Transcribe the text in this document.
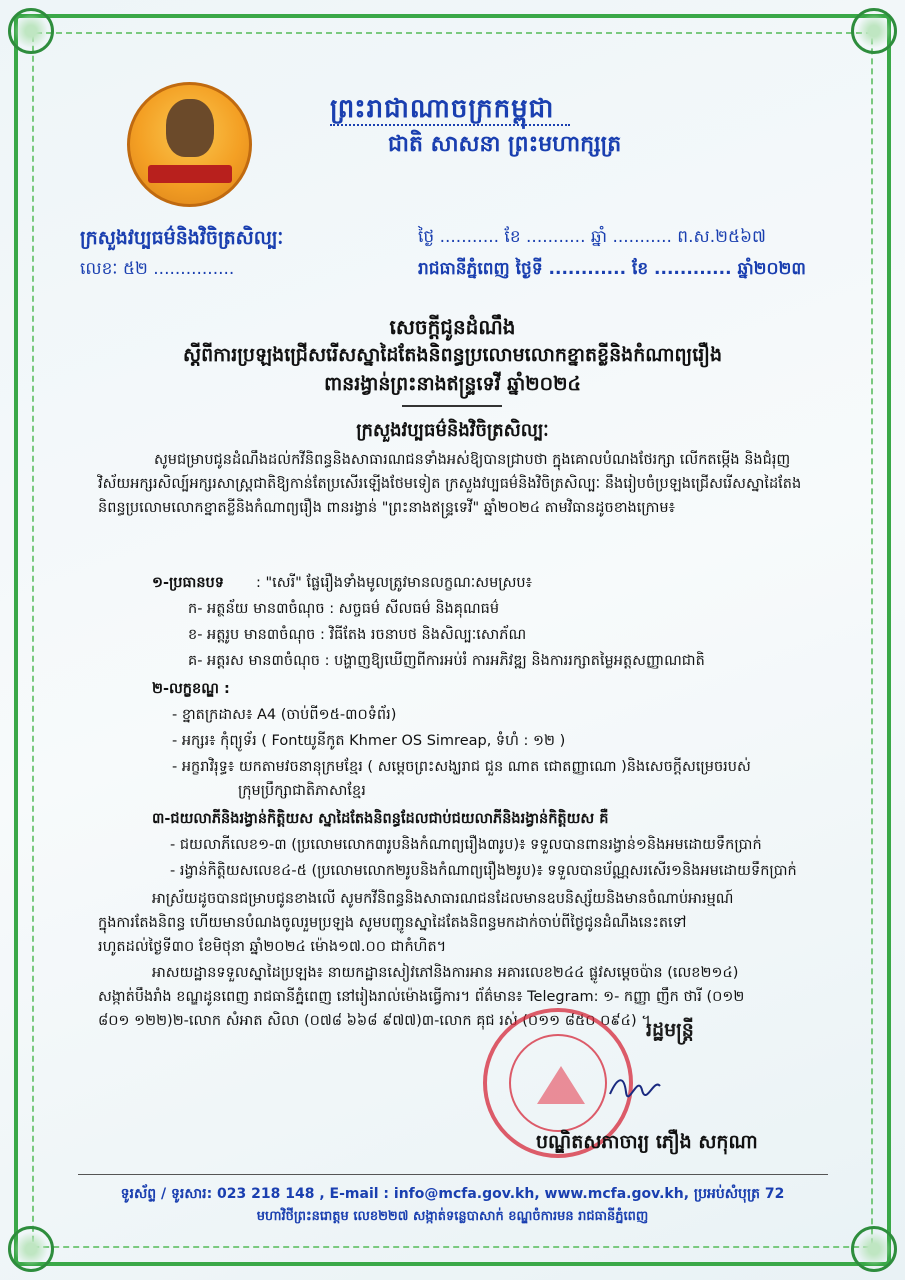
ព្រះរាជាណាចក្រកម្ពុជា
ជាតិ សាសនា ព្រះមហាក្សត្រ
ក្រសួងវប្បធម៌និងវិចិត្រសិល្បៈ
លេខៈ ៥២ ...............
ថ្ងៃ ........... ខែ ........... ឆ្នាំ ........... ព.ស.២៥៦៧
រាជធានីភ្នំពេញ ថ្ងៃទី ............ ខែ ............ ឆ្នាំ២០២៣
សេចក្តីជូនដំណឹង
ស្តីពីការប្រឡងជ្រើសរើសស្នាដៃតែងនិពន្ធប្រលោមលោកខ្នាតខ្លីនិងកំណាព្យរឿង
ពានរង្វាន់ព្រះនាងឥន្ទ្រទេវី ឆ្នាំ២០២៤
ក្រសួងវប្បធម៌និងវិចិត្រសិល្បៈ
សូមជម្រាបជូនដំណឹងដល់កវីនិពន្ធនិងសាធារណជនទាំងអស់ឱ្យបានជ្រាបថា ក្នុងគោលបំណងថែរក្សា លើកតម្កើង និងជំរុញវិស័យអក្សរសិល្ប៍អក្សរសាស្ត្រជាតិឱ្យកាន់តែប្រសើរឡើងថែមទៀត ក្រសួងវប្បធម៌និងវិចិត្រសិល្បៈ នឹងរៀបចំប្រឡងជ្រើសរើសស្នាដៃតែងនិពន្ធប្រលោមលោកខ្នាតខ្លីនិងកំណាព្យរឿង ពានរង្វាន់ "ព្រះនាងឥន្ទ្រទេវី" ឆ្នាំ២០២៤ តាមវិធានដូចខាងក្រោម៖
១-ប្រធានបទ : "សេរី" ផ្លែរឿងទាំងមូលត្រូវមានលក្ខណៈសមស្រប៖
ក- អត្ថន័យ មាន៣ចំណុច : សច្ចធម៌ សីលធម៌ និងគុណធម៌
ខ- អត្តរូប មាន៣ចំណុច : វិធីតែង រចនាបថ និងសិល្បៈសោភ័ណ
គ- អត្តរស មាន៣ចំណុច : បង្ហាញឱ្យឃើញពីការអប់រំ ការអភិវឌ្ឍ និងការរក្សាតម្លៃអត្តសញ្ញាណជាតិ
២-លក្ខខណ្ឌ :
- ខ្នាតក្រដាស៖ A4 (ចាប់ពី១៥-៣០ទំព័រ)
- អក្សរ៖ កុំព្យូទ័រ ( Fontយូនីកូត Khmer OS Simreap, ទំហំ : ១២ )
- អក្ខរាវិរុទ្ធ៖ យកតាមវចនានុក្រមខ្មែរ ( សម្តេចព្រះសង្ឃរាជ ជួន ណាត ជោតញ្ញាណោ )និងសេចក្តីសម្រេចរបស់
ក្រុមប្រឹក្សាជាតិភាសាខ្មែរ
៣-ជយលាភីនិងរង្វាន់កិត្តិយស ស្នាដៃតែងនិពន្ធដែលជាប់ជយលាភីនិងរង្វាន់កិត្តិយស គឺ
- ជយលាភីលេខ១-៣ (ប្រលោមលោក៣រូបនិងកំណាព្យរឿង៣រូប)៖ ទទួលបានពានរង្វាន់១និងអមដោយទឹកប្រាក់
- រង្វាន់កិត្តិយសលេខ៤-៥ (ប្រលោមលោក២រូបនិងកំណាព្យរឿង២រូប)៖ ទទួលបានប័ណ្ណសរសើរ១និងអមដោយទឹកប្រាក់
អាស្រ័យដូចបានជម្រាបជូនខាងលើ សូមកវីនិពន្ធនិងសាធារណជនដែលមានឧបនិស្ស័យនិងមានចំណាប់អារម្មណ៍
ក្នុងការតែងនិពន្ធ ហើយមានបំណងចូលរួមប្រឡង សូមបញ្ជូនស្នាដៃតែងនិពន្ធមកដាក់ចាប់ពីថ្ងៃជូនដំណឹងនេះតទៅ
រហូតដល់ថ្ងៃទី៣០ ខែមិថុនា ឆ្នាំ២០២៤ ម៉ោង១៧.០០ ជាកំហិត។
អាសយដ្ឋានទទួលស្នាដៃប្រឡង៖ នាយកដ្ឋានសៀវភៅនិងការអាន អគារលេខ២៤៤ ផ្លូវសម្តេចប៉ាន (លេខ២១៤)
សង្កាត់បឹងរាំង ខណ្ឌដូនពេញ រាជធានីភ្នំពេញ នៅរៀងរាល់ម៉ោងធ្វើការ។ ព័ត៌មាន៖ Telegram: ១- កញ្ញា ញឹក ថារី (០១២
៨០១ ១២២)២-លោក សំអាត សិលា (០៧៨ ៦៦៨ ៩៧៧)៣-លោក គុជ រស់ (០១១ ៨៥០ ០៩៤) ។
រដ្ឋមន្ត្រី
បណ្ឌិតសភាចារ្យ ភឿង សកុណា
ទូរស័ព្ទ / ទូរសារ: 023 218 148 , E-mail : info@mcfa.gov.kh, www.mcfa.gov.kh, ប្រអប់សំបុត្រ 72
មហាវិថីព្រះនរោត្តម លេខ២២៧ សង្កាត់ទន្លេបាសាក់ ខណ្ឌចំការមន រាជធានីភ្នំពេញ
